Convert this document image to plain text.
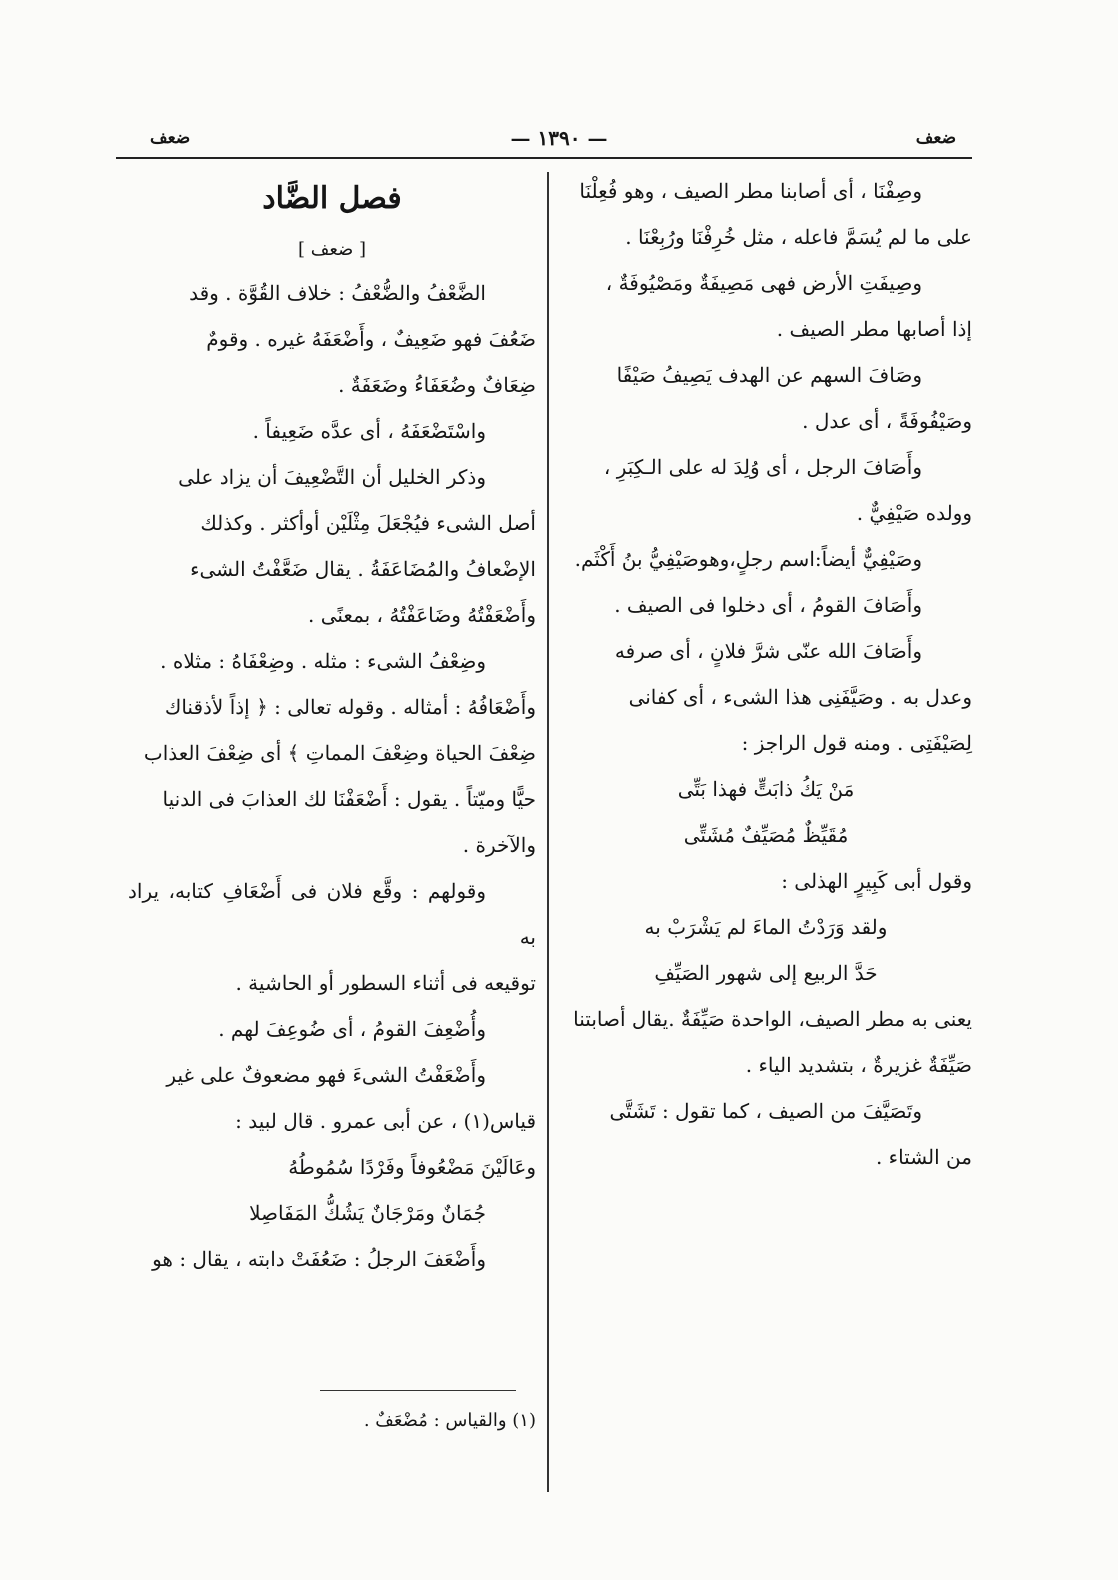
ضعف
— ١٣٩٠ —
ضعف

وصِفْنَا ، أى أصابنا مطر الصيف ، وهو فُعِلْنَا

على ما لم يُسَمَّ فاعله ، مثل خُرِفْنَا ورُبِعْنَا .

وصِيفَتِ الأرض فهى مَصِيفَةٌ ومَصْيُوفَةٌ ،

إذا أصابها مطر الصيف .

وصَافَ السهم عن الهدف يَصِيفُ صَيْفًا

وصَيْفُوفَةً ، أى عدل .

وأَصَافَ الرجل ، أى وُلِدَ له على الـكِبَرِ ،

وولده صَيْفِيٌّ .

وصَيْفِيٌّ أيضاً:اسم رجلٍ،وهوصَيْفِيُّ بنُ أَكْثَم.

وأَصَافَ القومُ ، أى دخلوا فى الصيف .

وأَصَافَ الله عنّى شرَّ فلانٍ ، أى صرفه

وعدل به . وصَيَّفَنِى هذا الشىء ، أى كفانى

لِصَيْفَتِى . ومنه قول الراجز :

مَنْ يَكُ ذابَتٍّ فهذا بَتِّى

مُقَيِّظٌ مُصَيِّفٌ مُشَتِّى

وقول أبى كَبِيرٍ الهذلى :

ولقد وَرَدْتُ الماءَ لم يَشْرَبْ به

حَدَّ الربيع إلى شهور الصَيِّفِ

يعنى به مطر الصيف، الواحدة صَيِّفَةٌ .يقال أصابتنا

صَيِّفَةٌ غزيرةٌ ، بتشديد الياء .

وتَصَيَّفَ من الصيف ، كما تقول : تَشَتَّى

من الشتاء .

فصل الضَّاد

[ ضعف ]

الضَّعْفُ والضُّعْفُ : خلاف القُوَّة . وقد

ضَعُفَ فهو ضَعِيفٌ ، وأَضْعَفَهُ غيره . وقومٌ

ضِعَافٌ وضُعَفَاءُ وضَعَفَةٌ .

واسْتَضْعَفَهُ ، أى عدَّه ضَعِيفاً .

وذكر الخليل أن التَّضْعِيفَ أن يزاد على

أصل الشىء فيُجْعَلَ مِثْلَيْن أوأكثر . وكذلك

الإضْعافُ والمُضَاعَفَةُ . يقال ضَعَّفْتُ الشىء

وأَضْعَفْتُهُ وضَاعَفْتُهُ ، بمعنًى .

وضِعْفُ الشىء : مثله . وضِعْفَاهُ : مثلاه .

وأَضْعَافُهُ : أمثاله . وقوله تعالى : ﴿ إذاً لأذقناك

ضِعْفَ الحياة وضِعْفَ المماتِ ﴾ أى ضِعْفَ العذاب

حيًّا وميّتاً . يقول : أَضْعَفْنَا لك العذابَ فى الدنيا

والآخرة .

وقولهم : وقَّع فلان فى أَضْعَافِ كتابه، يراد به

توقيعه فى أثناء السطور أو الحاشية .

وأُضْعِفَ القومُ ، أى ضُوعِفَ لهم .

وأَضْعَفْتُ الشىءَ فهو مضعوفٌ على غير

قياس(١) ، عن أبى عمرو . قال لبيد :

وعَالَيْنَ مَضْعُوفاً وفَرْدًا سُمُوطُهُ

جُمَانٌ ومَرْجَانٌ يَشُكُّ المَفَاصِلا

وأَضْعَفَ الرجلُ : ضَعُفَتْ دابته ، يقال : هو

(١) والقياس : مُضْعَفٌ .
